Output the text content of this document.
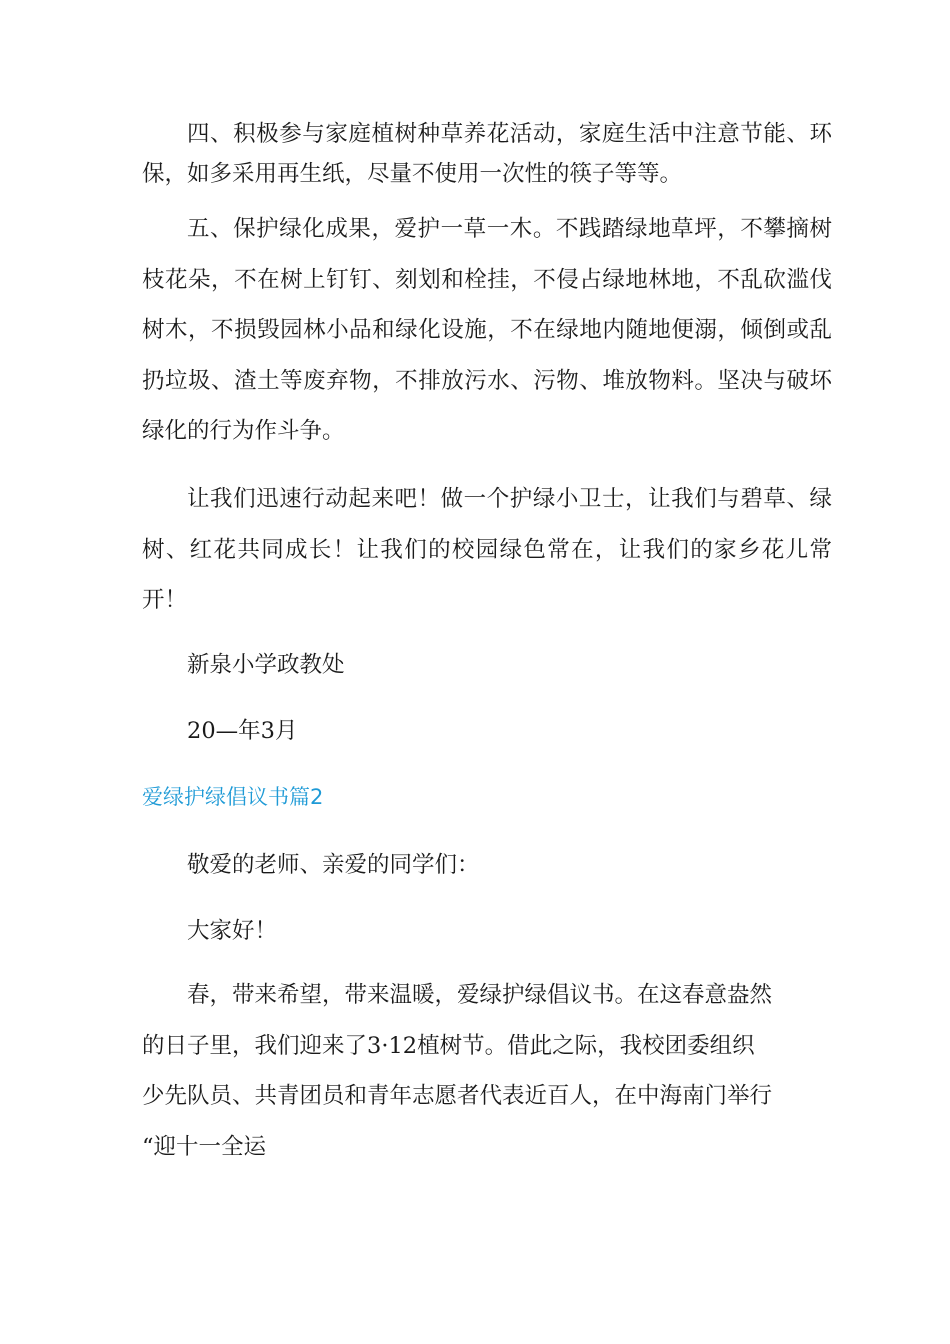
四、积极参与家庭植树种草养花活动，家庭生活中注意节能、环保，如多采用再生纸，尽量不使用一次性的筷子等等。

五、保护绿化成果，爱护一草一木。不践踏绿地草坪，不攀摘树枝花朵，不在树上钉钉、刻划和栓挂，不侵占绿地林地，不乱砍滥伐树木，不损毁园林小品和绿化设施，不在绿地内随地便溺，倾倒或乱扔垃圾、渣土等废弃物，不排放污水、污物、堆放物料。坚决与破坏绿化的行为作斗争。

让我们迅速行动起来吧！做一个护绿小卫士，让我们与碧草、绿树、红花共同成长！让我们的校园绿色常在，让我们的家乡花儿常开！

新泉小学政教处

20—年3月

爱绿护绿倡议书篇2

敬爱的老师、亲爱的同学们：

大家好！

春，带来希望，带来温暖，爱绿护绿倡议书。在这春意盎然
的日子里，我们迎来了3·12植树节。借此之际，我校团委组织
少先队员、共青团员和青年志愿者代表近百人，在中海南门举行
“迎十一全运
